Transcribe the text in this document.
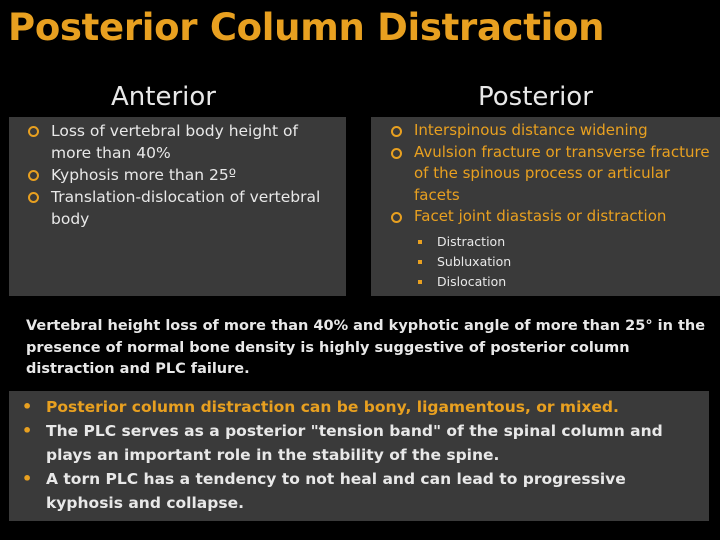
Posterior Column Distraction
Anterior	Posterior
Loss of vertebral body height of more than 40%
Kyphosis more than 25º
Translation-dislocation of vertebral body
Interspinous distance widening
Avulsion fracture or transverse fracture of the spinous process or articular facets
Facet joint diastasis or distraction
Distraction
Subluxation
Dislocation
Vertebral height loss of more than 40% and kyphotic angle of more than 25° in the presence of normal bone density is highly suggestive of posterior column distraction and PLC failure.
• Posterior column distraction can be bony, ligamentous, or mixed.
• The PLC serves as a posterior "tension band" of the spinal column and plays an important role in the stability of the spine.
• A torn PLC has a tendency to not heal and can lead to progressive kyphosis and collapse.
